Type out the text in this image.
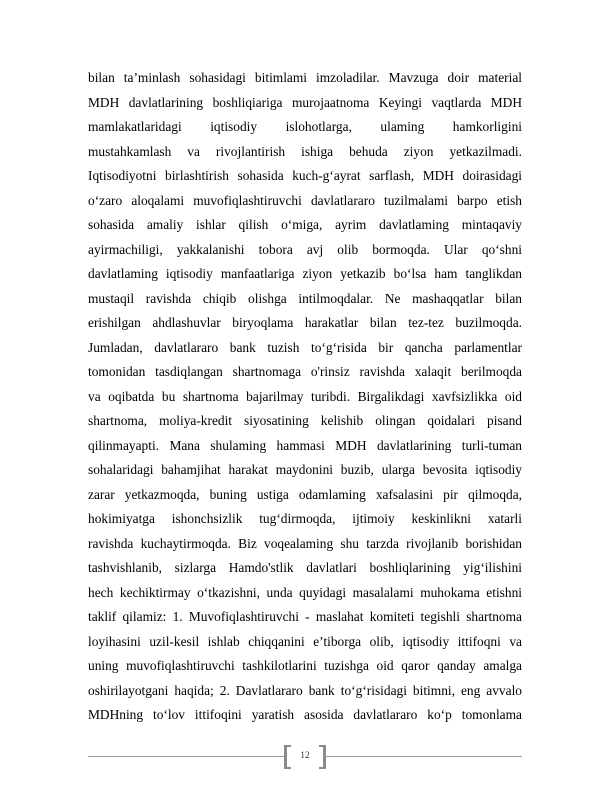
bilan ta’minlash sohasidagi bitimlami imzoladilar. Mavzuga doir material
MDH davlatlarining boshliqiariga murojaatnoma Keyingi vaqtlarda MDH
mamlakatlaridagi iqtisodiy islohotlarga, ulaming hamkorligini
mustahkamlash va rivojlantirish ishiga behuda ziyon yetkazilmadi.
Iqtisodiyotni birlashtirish sohasida kuch-g‘ayrat sarflash, MDH doirasidagi
o‘zaro aloqalami muvofiqlashtiruvchi davlatlararo tuzilmalami barpo etish
sohasida amaliy ishlar qilish o‘miga, ayrim davlatlaming mintaqaviy
ayirmachiligi, yakkalanishi tobora avj olib bormoqda. Ular qo‘shni
davlatlaming iqtisodiy manfaatlariga ziyon yetkazib bo‘lsa ham tanglikdan
mustaqil ravishda chiqib olishga intilmoqdalar. Ne mashaqqatlar bilan
erishilgan ahdlashuvlar biryoqlama harakatlar bilan tez-tez buzilmoqda.
Jumladan, davlatlararo bank tuzish to‘g‘risida bir qancha parlamentlar
tomonidan tasdiqlangan shartnomaga o'rinsiz ravishda xalaqit berilmoqda
va oqibatda bu shartnoma bajarilmay turibdi. Birgalikdagi xavfsizlikka oid
shartnoma, moliya-kredit siyosatining kelishib olingan qoidalari pisand
qilinmayapti. Mana shulaming hammasi MDH davlatlarining turli-tuman
sohalaridagi bahamjihat harakat maydonini buzib, ularga bevosita iqtisodiy
zarar yetkazmoqda, buning ustiga odamlaming xafsalasini pir qilmoqda,
hokimiyatga ishonchsizlik tug‘dirmoqda, ijtimoiy keskinlikni xatarli
ravishda kuchaytirmoqda. Biz voqealaming shu tarzda rivojlanib borishidan
tashvishlanib, sizlarga Hamdo'stlik davlatlari boshliqlarining yig‘ilishini
hech kechiktirmay o‘tkazishni, unda quyidagi masalalami muhokama etishni
taklif qilamiz: 1. Muvofiqlashtiruvchi - maslahat komiteti tegishli shartnoma
loyihasini uzil-kesil ishlab chiqqanini e’tiborga olib, iqtisodiy ittifoqni va
uning muvofiqlashtiruvchi tashkilotlarini tuzishga oid qaror qanday amalga
oshirilayotgani haqida; 2. Davlatlararo bank to‘g‘risidagi bitimni, eng avvalo
MDHning to‘lov ittifoqini yaratish asosida davlatlararo ko‘p tomonlama
12
